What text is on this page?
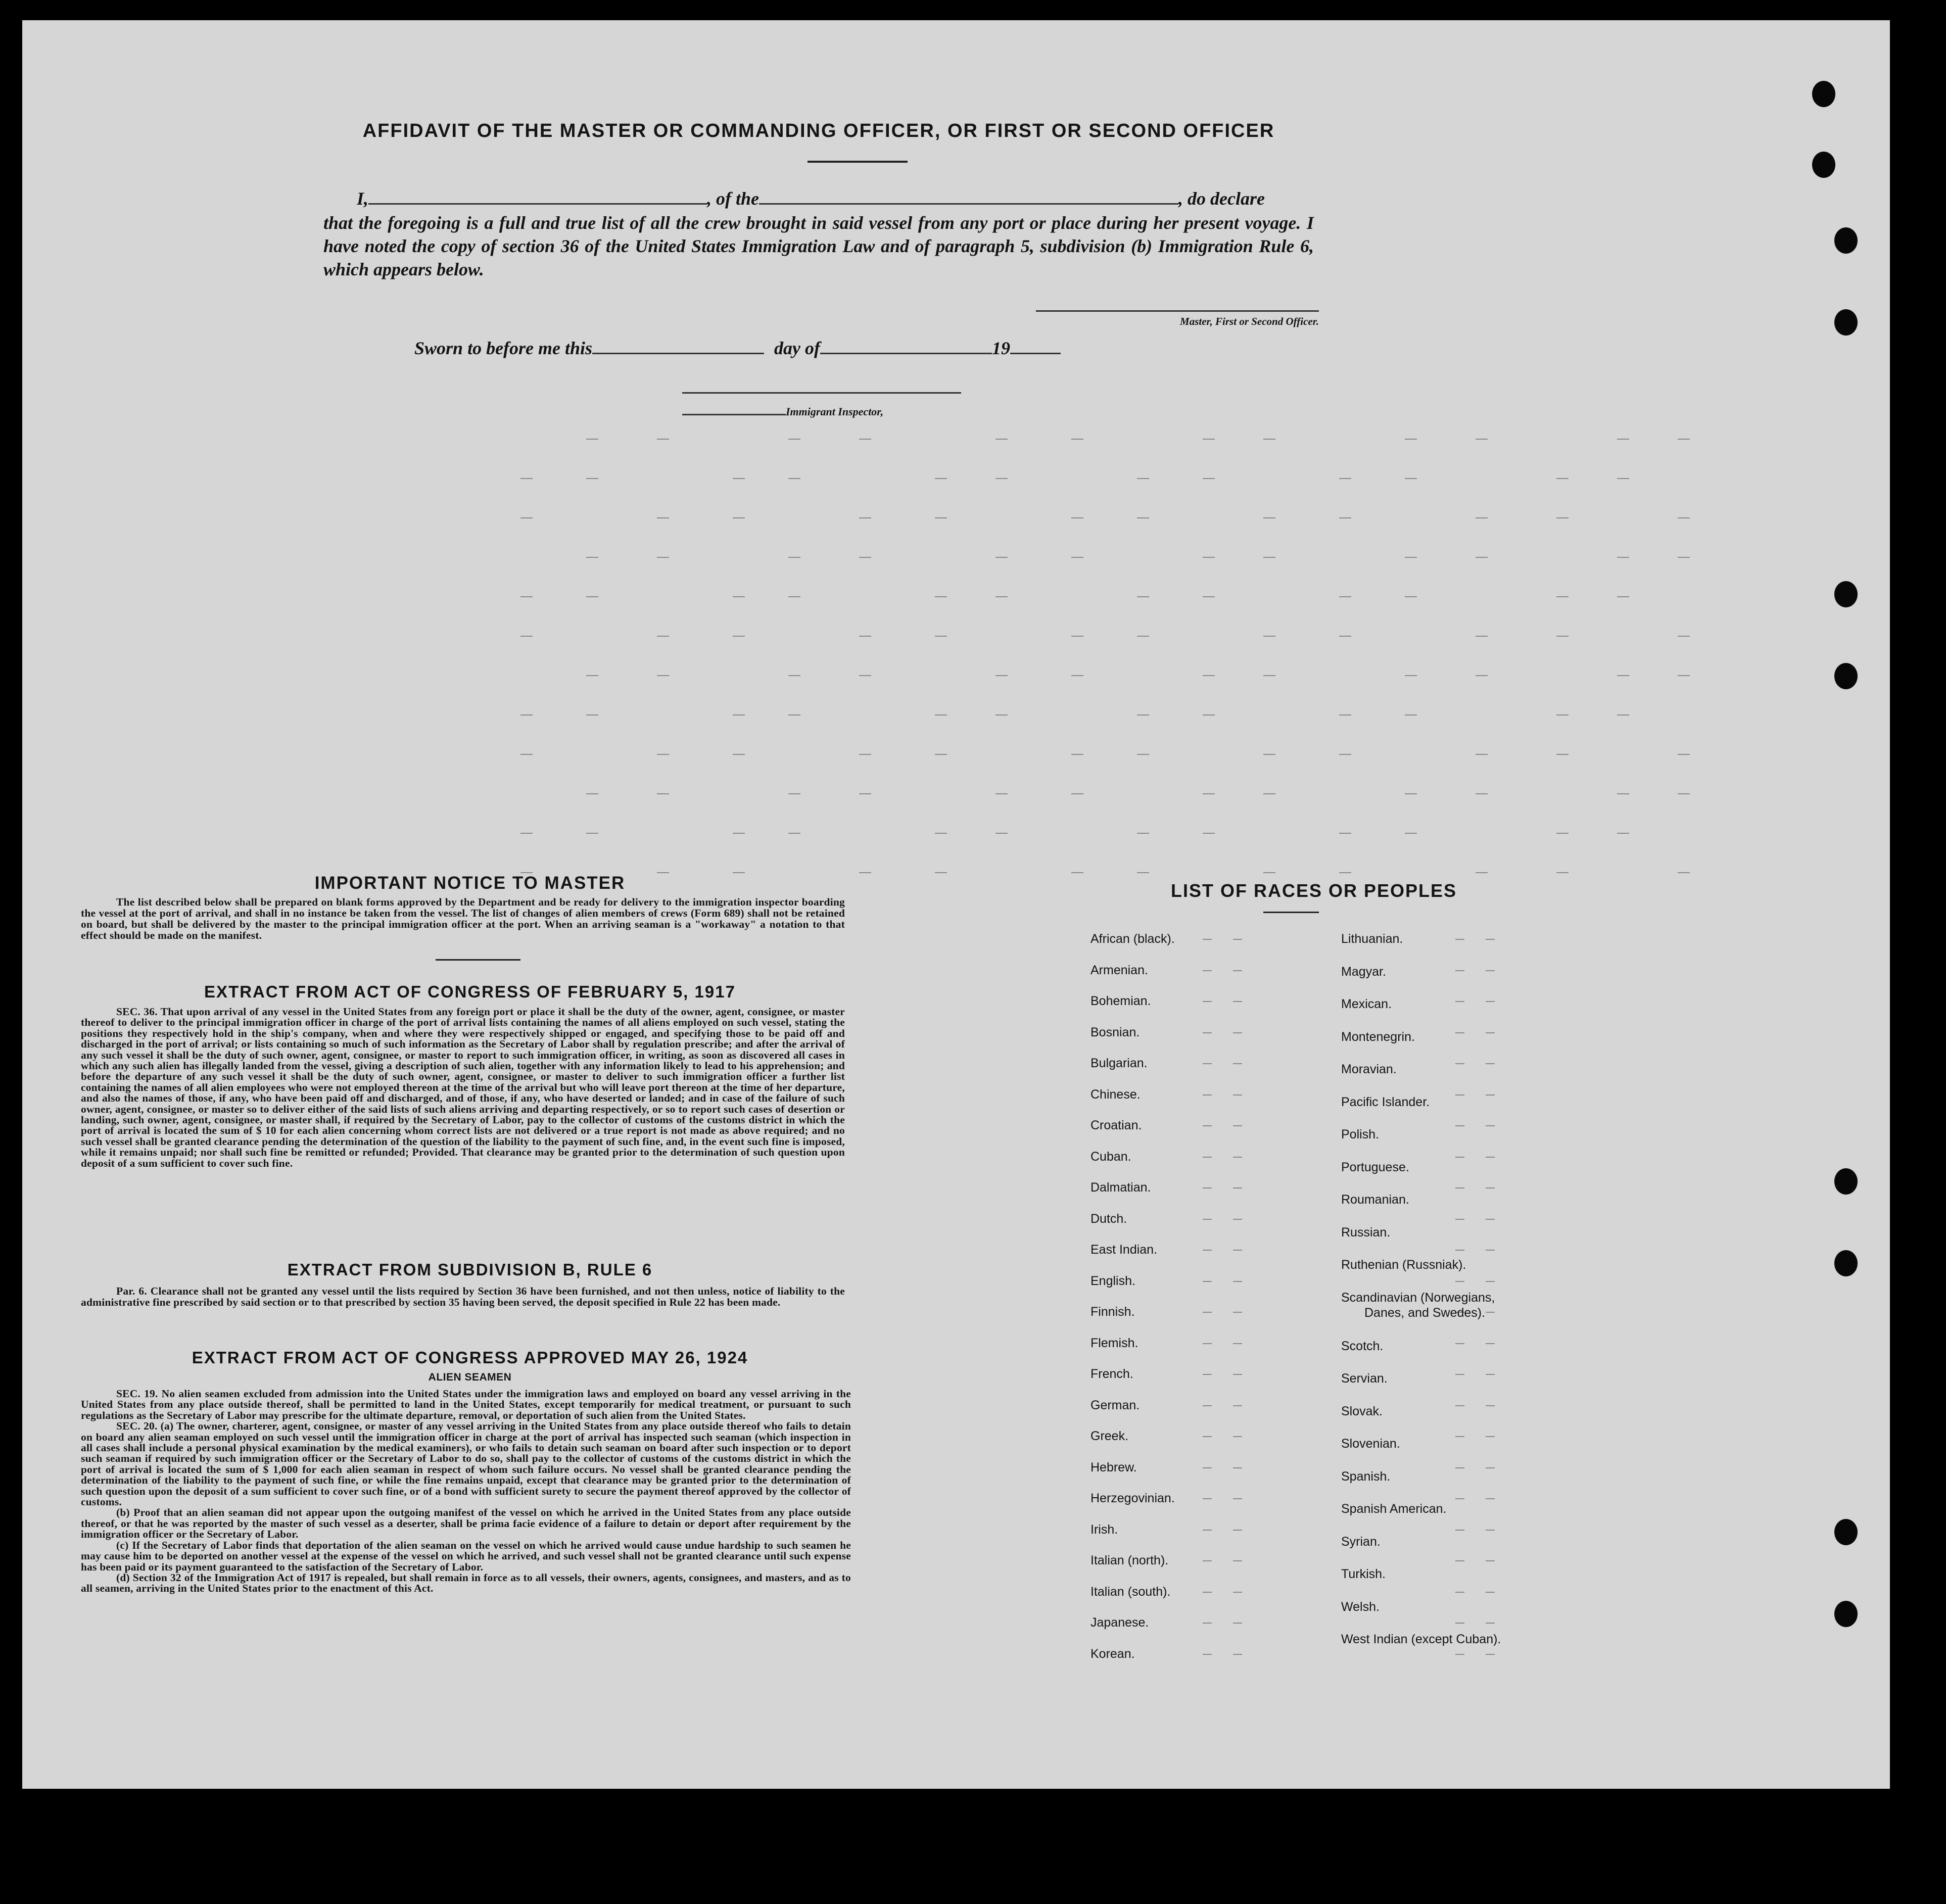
AFFIDAVIT OF THE MASTER OR COMMANDING OFFICER, OR FIRST OR SECOND OFFICER
I,	, of the	, do declare
that the foregoing is a full and true list of all the crew brought in said vessel from any port or place during her present voyage. I have noted the copy of section 36 of the United States Immigration Law and of paragraph 5, subdivision (b) Immigration Rule 6, which appears below.
Master, First or Second Officer.
Sworn to before me this	day of	19
Immigrant Inspector,
IMPORTANT NOTICE TO MASTER
The list described below shall be prepared on blank forms approved by the Department and be ready for delivery to the immigration inspector boarding the vessel at the port of arrival, and shall in no instance be taken from the vessel. The list of changes of alien members of crews (Form 689) shall not be retained on board, but shall be delivered by the master to the principal immigration officer at the port. When an arriving seaman is a "workaway" a notation to that effect should be made on the manifest.
EXTRACT FROM ACT OF CONGRESS OF FEBRUARY 5, 1917
SEC. 36. That upon arrival of any vessel in the United States from any foreign port or place it shall be the duty of the owner, agent, consignee, or master thereof to deliver to the principal immigration officer in charge of the port of arrival lists containing the names of all aliens employed on such vessel, stating the positions they respectively hold in the ship's company, when and where they were respectively shipped or engaged, and specifying those to be paid off and discharged in the port of arrival; or lists containing so much of such information as the Secretary of Labor shall by regulation prescribe; and after the arrival of any such vessel it shall be the duty of such owner, agent, consignee, or master to report to such immigration officer, in writing, as soon as discovered all cases in which any such alien has illegally landed from the vessel, giving a description of such alien, together with any information likely to lead to his apprehension; and before the departure of any such vessel it shall be the duty of such owner, agent, consignee, or master to deliver to such immigration officer a further list containing the names of all alien employees who were not employed thereon at the time of the arrival but who will leave port thereon at the time of her departure, and also the names of those, if any, who have been paid off and discharged, and of those, if any, who have deserted or landed; and in case of the failure of such owner, agent, consignee, or master so to deliver either of the said lists of such aliens arriving and departing respectively, or so to report such cases of desertion or landing, such owner, agent, consignee, or master shall, if required by the Secretary of Labor, pay to the collector of customs of the customs district in which the port of arrival is located the sum of $ 10 for each alien concerning whom correct lists are not delivered or a true report is not made as above required; and no such vessel shall be granted clearance pending the determination of the question of the liability to the payment of such fine, and, in the event such fine is imposed, while it remains unpaid; nor shall such fine be remitted or refunded; Provided. That clearance may be granted prior to the determination of such question upon deposit of a sum sufficient to cover such fine.
EXTRACT FROM SUBDIVISION B, RULE 6
Par. 6. Clearance shall not be granted any vessel until the lists required by Section 36 have been furnished, and not then unless, notice of liability to the administrative fine prescribed by said section or to that prescribed by section 35 having been served, the deposit specified in Rule 22 has been made.
EXTRACT FROM ACT OF CONGRESS APPROVED MAY 26, 1924
ALIEN SEAMEN
SEC. 19. No alien seamen excluded from admission into the United States under the immigration laws and employed on board any vessel arriving in the United States from any place outside thereof, shall be permitted to land in the United States, except temporarily for medical treatment, or pursuant to such regulations as the Secretary of Labor may prescribe for the ultimate departure, removal, or deportation of such alien from the United States.
SEC. 20. (a) The owner, charterer, agent, consignee, or master of any vessel arriving in the United States from any place outside thereof who fails to detain on board any alien seaman employed on such vessel until the immigration officer in charge at the port of arrival has inspected such seaman (which inspection in all cases shall include a personal physical examination by the medical examiners), or who fails to detain such seaman on board after such inspection or to deport such seaman if required by such immigration officer or the Secretary of Labor to do so, shall pay to the collector of customs of the customs district in which the port of arrival is located the sum of $ 1,000 for each alien seaman in respect of whom such failure occurs. No vessel shall be granted clearance pending the determination of the liability to the payment of such fine, or while the fine remains unpaid, except that clearance may be granted prior to the determination of such question upon the deposit of a sum sufficient to cover such fine, or of a bond with sufficient surety to secure the payment thereof approved by the collector of customs.
(b) Proof that an alien seaman did not appear upon the outgoing manifest of the vessel on which he arrived in the United States from any place outside thereof, or that he was reported by the master of such vessel as a deserter, shall be prima facie evidence of a failure to detain or deport after requirement by the immigration officer or the Secretary of Labor.
(c) If the Secretary of Labor finds that deportation of the alien seaman on the vessel on which he arrived would cause undue hardship to such seamen he may cause him to be deported on another vessel at the expense of the vessel on which he arrived, and such vessel shall not be granted clearance until such expense has been paid or its payment guaranteed to the satisfaction of the Secretary of Labor.
(d) Section 32 of the Immigration Act of 1917 is repealed, but shall remain in force as to all vessels, their owners, agents, consignees, and masters, and as to all seamen, arriving in the United States prior to the enactment of this Act.
LIST OF RACES OR PEOPLES
African (black).
Armenian.
Bohemian.
Bosnian.
Bulgarian.
Chinese.
Croatian.
Cuban.
Dalmatian.
Dutch.
East Indian.
English.
Finnish.
Flemish.
French.
German.
Greek.
Hebrew.
Herzegovinian.
Irish.
Italian (north).
Italian (south).
Japanese.
Korean.
Lithuanian.
Magyar.
Mexican.
Montenegrin.
Moravian.
Pacific Islander.
Polish.
Portuguese.
Roumanian.
Russian.
Ruthenian (Russniak).
Scandinavian (Norwegians,
Danes, and Swedes).
Scotch.
Servian.
Slovak.
Slovenian.
Spanish.
Spanish American.
Syrian.
Turkish.
Welsh.
West Indian (except Cuban).
